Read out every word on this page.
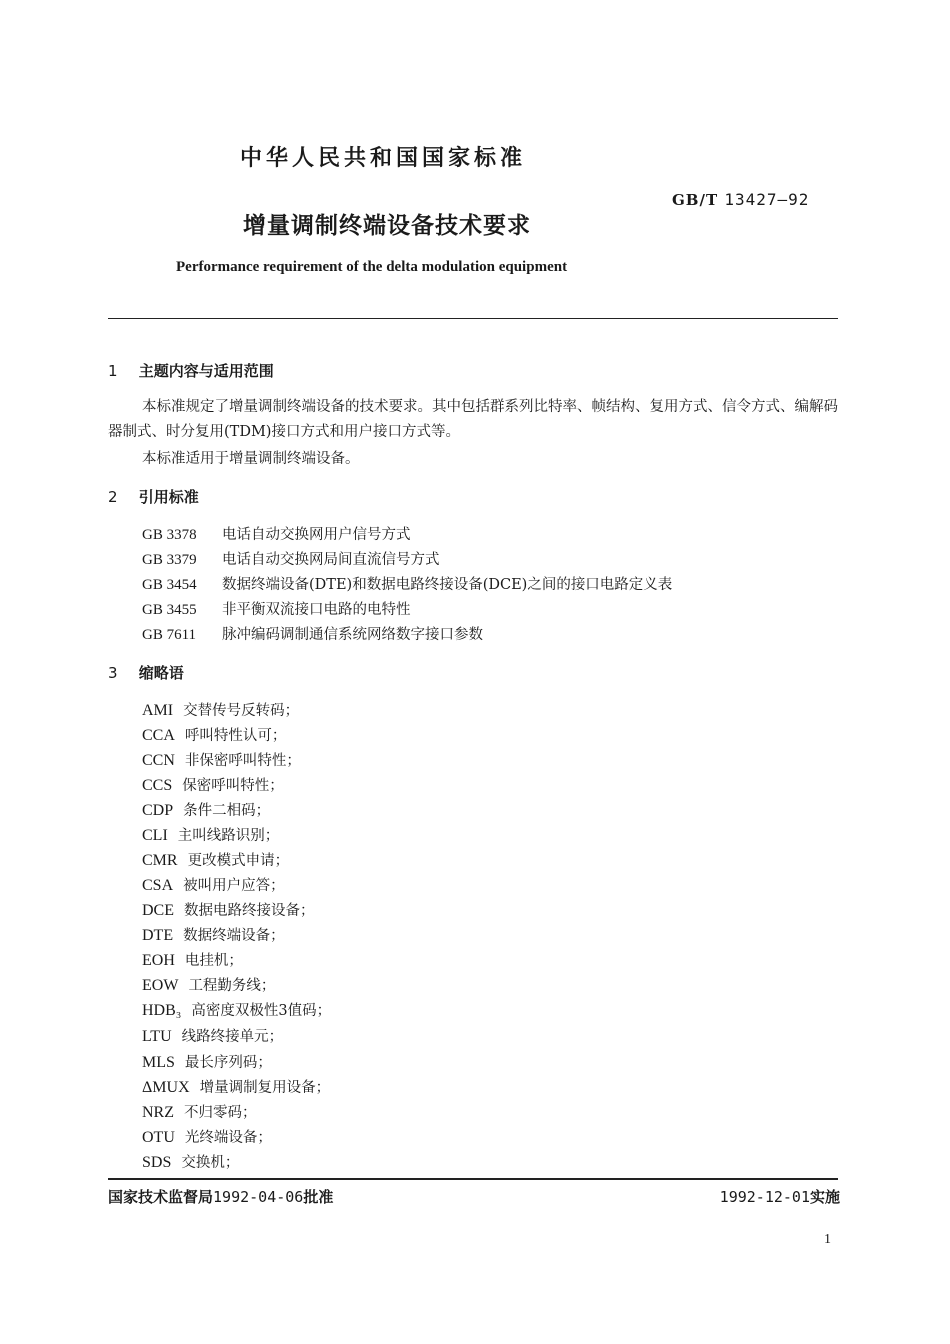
中华人民共和国国家标准
GB/T 13427—92
增量调制终端设备技术要求
Performance requirement of the delta modulation equipment
1 主题内容与适用范围
本标准规定了增量调制终端设备的技术要求。其中包括群系列比特率、帧结构、复用方式、信令方式、编解码器制式、时分复用(TDM)接口方式和用户接口方式等。
本标准适用于增量调制终端设备。
2 引用标准
GB 3378 电话自动交换网用户信号方式
GB 3379 电话自动交换网局间直流信号方式
GB 3454 数据终端设备(DTE)和数据电路终接设备(DCE)之间的接口电路定义表
GB 3455 非平衡双流接口电路的电特性
GB 7611 脉冲编码调制通信系统网络数字接口参数
3 缩略语
AMI 交替传号反转码；
CCA 呼叫特性认可；
CCN 非保密呼叫特性；
CCS 保密呼叫特性；
CDP 条件二相码；
CLI 主叫线路识别；
CMR 更改模式申请；
CSA 被叫用户应答；
DCE 数据电路终接设备；
DTE 数据终端设备；
EOH 电挂机；
EOW 工程勤务线；
HDB₃ 高密度双极性3值码；
LTU 线路终接单元；
MLS 最长序列码；
ΔMUX 增量调制复用设备；
NRZ 不归零码；
OTU 光终端设备；
SDS 交换机；
国家技术监督局1992-04-06批准	1992-12-01实施
1
